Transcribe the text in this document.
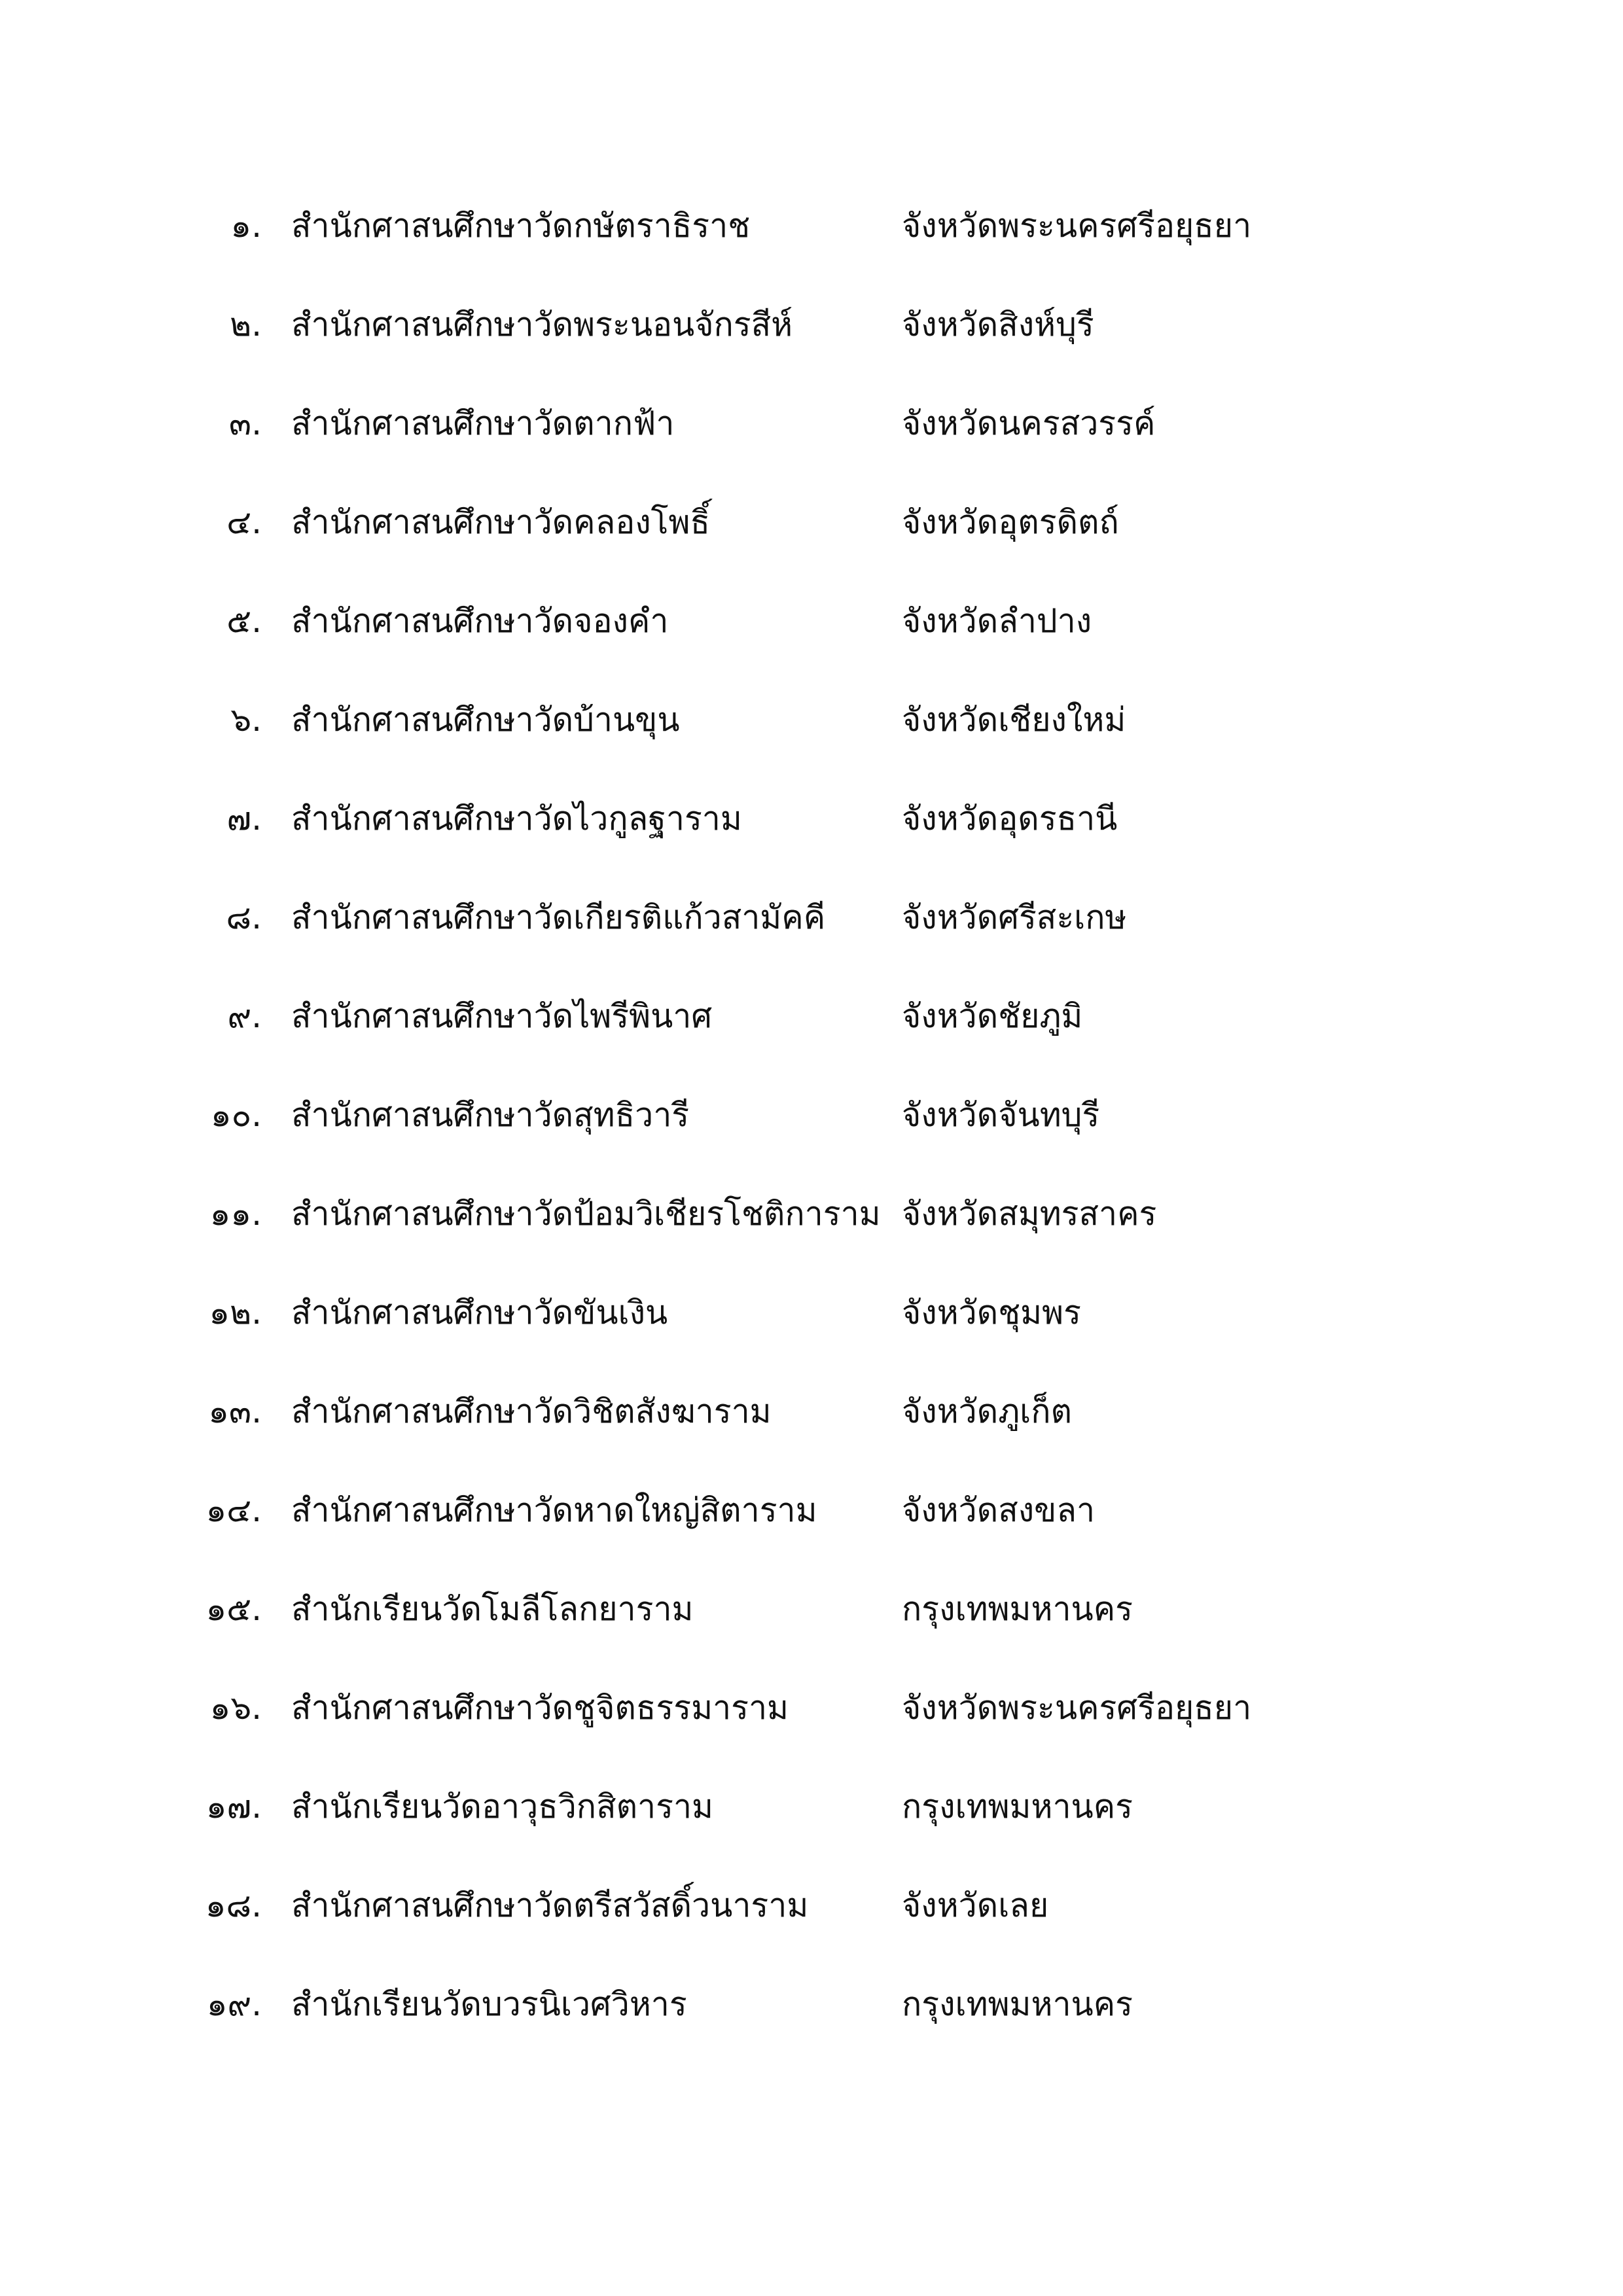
๑. สำนักศาสนศึกษาวัดกษัตราธิราช	จังหวัดพระนครศรีอยุธยา
๒. สำนักศาสนศึกษาวัดพระนอนจักรสีห์	จังหวัดสิงห์บุรี
๓. สำนักศาสนศึกษาวัดตากฟ้า	จังหวัดนครสวรรค์
๔. สำนักศาสนศึกษาวัดคลองโพธิ์	จังหวัดอุตรดิตถ์
๕. สำนักศาสนศึกษาวัดจองคำ	จังหวัดลำปาง
๖. สำนักศาสนศึกษาวัดบ้านขุน	จังหวัดเชียงใหม่
๗. สำนักศาสนศึกษาวัดไวกูลฐาราม	จังหวัดอุดรธานี
๘. สำนักศาสนศึกษาวัดเกียรติแก้วสามัคคี จังหวัดศรีสะเกษ
๙. สำนักศาสนศึกษาวัดไพรีพินาศ	จังหวัดชัยภูมิ
๑๐. สำนักศาสนศึกษาวัดสุทธิวารี	จังหวัดจันทบุรี
๑๑. สำนักศาสนศึกษาวัดป้อมวิเชียรโชติการาม จังหวัดสมุทรสาคร
๑๒. สำนักศาสนศึกษาวัดขันเงิน	จังหวัดชุมพร
๑๓. สำนักศาสนศึกษาวัดวิชิตสังฆาราม	จังหวัดภูเก็ต
๑๔. สำนักศาสนศึกษาวัดหาดใหญ่สิตาราม	จังหวัดสงขลา
๑๕. สำนักเรียนวัดโมลีโลกยาราม	กรุงเทพมหานคร
๑๖. สำนักศาสนศึกษาวัดชูจิตธรรมาราม	จังหวัดพระนครศรีอยุธยา
๑๗. สำนักเรียนวัดอาวุธวิกสิตาราม	กรุงเทพมหานคร
๑๘. สำนักศาสนศึกษาวัดตรีสวัสดิ์วนาราม	จังหวัดเลย
๑๙. สำนักเรียนวัดบวรนิเวศวิหาร	กรุงเทพมหานคร
